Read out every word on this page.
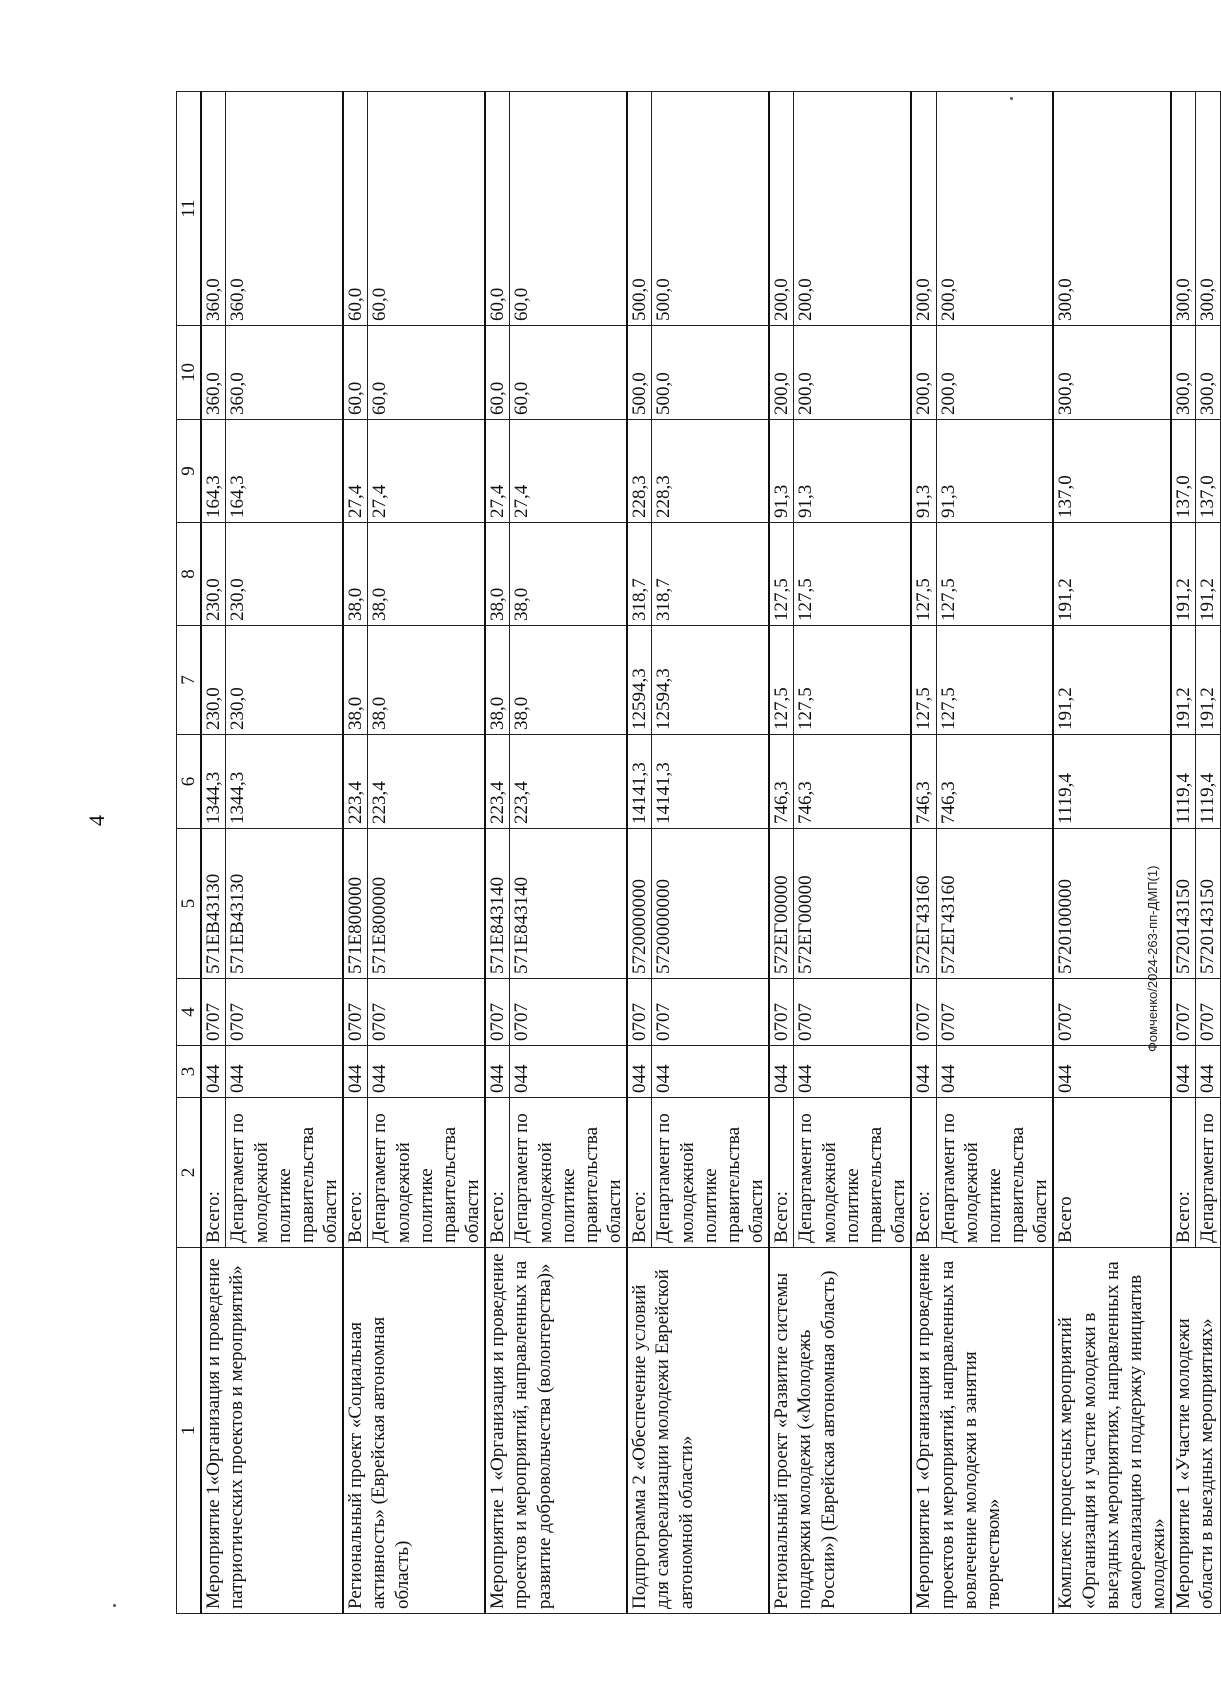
4
1	2	3	4	5	6	7	8	9	10	11
Мероприятие 1«Организация и проведение патриотических проектов и мероприятий»	Всего:	044	0707	571ЕВ43130	1344,3	230,0	230,0	164,3	360,0	360,0
	Департамент по молодежной политике правительства области	044	0707	571ЕВ43130	1344,3	230,0	230,0	164,3	360,0	360,0
Региональный проект «Социальная активность» (Еврейская автономная область)	Всего:	044	0707	571Е800000	223,4	38,0	38,0	27,4	60,0	60,0
	Департамент по молодежной политике правительства области	044	0707	571Е800000	223,4	38,0	38,0	27,4	60,0	60,0
Мероприятие 1 «Организация и проведение проектов и мероприятий, направленных на развитие добровольчества (волонтерства)»	Всего:	044	0707	571Е843140	223,4	38,0	38,0	27,4	60,0	60,0
	Департамент по молодежной политике правительства области	044	0707	571Е843140	223,4	38,0	38,0	27,4	60,0	60,0
Подпрограмма 2 «Обеспечение условий для самореализации молодежи Еврейской автономной области»	Всего:	044	0707	5720000000	14141,3	12594,3	318,7	228,3	500,0	500,0
	Департамент по молодежной политике правительства области	044	0707	5720000000	14141,3	12594,3	318,7	228,3	500,0	500,0
Региональный проект «Развитие системы поддержки молодежи («Молодежь России») (Еврейская автономная область)	Всего:	044	0707	572ЕГ00000	746,3	127,5	127,5	91,3	200,0	200,0
	Департамент по молодежной политике правительства области	044	0707	572ЕГ00000	746,3	127,5	127,5	91,3	200,0	200,0
Мероприятие 1 «Организация и проведение проектов и мероприятий, направленных на вовлечение молодежи в занятия творчеством»	Всего:	044	0707	572ЕГ43160	746,3	127,5	127,5	91,3	200,0	200,0
	Департамент по молодежной политике правительства области	044	0707	572ЕГ43160	746,3	127,5	127,5	91,3	200,0	200,0
Комплекс процессных мероприятий «Организация и участие молодежи в выездных мероприятиях, направленных на самореализацию и поддержку инициатив молодежи»	Всего	044	0707	5720100000	1119,4	191,2	191,2	137,0	300,0	300,0
Мероприятие 1 «Участие молодежи области в выездных мероприятиях»	Всего:	044	0707	5720143150	1119,4	191,2	191,2	137,0	300,0	300,0
	Департамент по	044	0707	5720143150	1119,4	191,2	191,2	137,0	300,0	300,0
Фомченко/2024-263-пп-ДМП(1)
